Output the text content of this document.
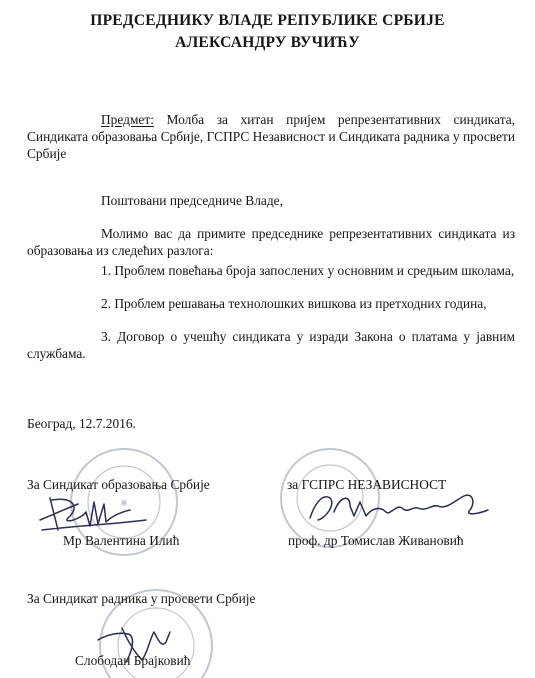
ПРЕДСЕДНИКУ ВЛАДЕ РЕПУБЛИКЕ СРБИЈЕ
АЛЕКСАНДРУ ВУЧИЋУ
Предмет: Молба за хитан пријем репрезентативних синдиката, Синдиката образовања Србије, ГСПРС Независност и Синдиката радника у просвети Србије
Поштовани председниче Владе,
Молимо вас да примите председнике репрезентативних синдиката из образовања из следећих разлога:
1. Проблем повећања броја запослених у основним и средњим школама,
2. Проблем решавања технолошких вишкова из претходних година,
3. Договор о учешћу синдиката у изради Закона о платама у јавним службама.
Београд, 12.7.2016.
✱
За Синдикат образовања Србије	за ГСПРС НЕЗАВИСНОСТ
Мр Валентина Илић	проф. др Томислав Живановић
За Синдикат радника у просвети Србије
Слободан Брајковић
